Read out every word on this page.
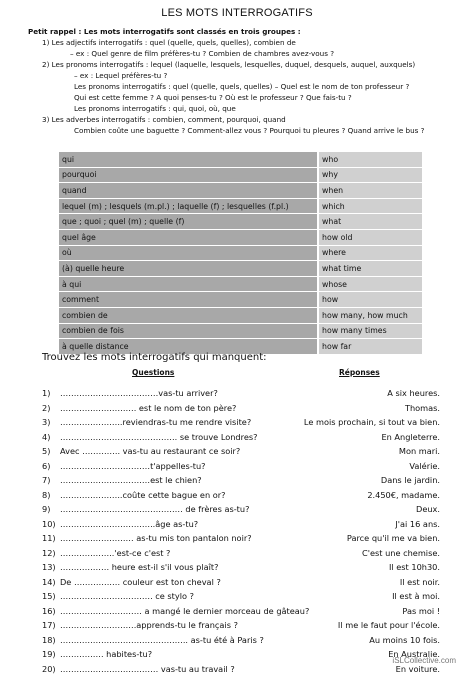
LES MOTS INTERROGATIFS
Petit rappel : Les mots interrogatifs sont classés en trois groupes :
1) Les adjectifs interrogatifs : quel (quelle, quels, quelles), combien de
– ex : Quel genre de film préfères-tu ? Combien de chambres avez-vous ?
2) Les pronoms interrogatifs : lequel (laquelle, lesquels, lesquelles, duquel, desquels, auquel, auxquels)
– ex : Lequel préfères-tu ?
Les pronoms interrogatifs : quel (quelle, quels, quelles) – Quel est le nom de ton professeur ?
Qui est cette femme ? A quoi penses-tu ? Où est le professeur ? Que fais-tu ?
Les pronoms interrogatifs : qui, quoi, où, que
3) Les adverbes interrogatifs : combien, comment, pourquoi, quand
Combien coûte une baguette ? Comment-allez vous ? Pourquoi tu pleures ? Quand arrive le bus ?
qui	who
pourquoi	why
quand	when
lequel (m) ; lesquels (m.pl.) ; laquelle (f) ; lesquelles (f.pl.)	which
que ; quoi ; quel (m) ; quelle (f)	what
quel âge	how old
où	where
(à) quelle heure	what time
à qui	whose
comment	how
combien de	how many, how much
combien de fois	how many times
à quelle distance	how far
Trouvez les mots interrogatifs qui manquent:
Questions	Réponses
1) ………………………………vas-tu arriver?	A six heures.
2) ………………………. est le nom de ton père?	Thomas.
3) …………………..reviendras-tu me rendre visite?	Le mois prochain, si tout va bien.
4) ……………………………………. se trouve Londres?	En Angleterre.
5) Avec ………….. vas-tu au restaurant ce soir?	Mon mari.
6) ……………………………t'appelles-tu?	Valérie.
7) ……………………………est le chien?	Dans le jardin.
8) …………………..coûte cette bague en or?	2.450€, madame.
9) ……………………………………… de frères as-tu?	Deux.
10) ……………………………..âge as-tu?	J'ai 16 ans.
11) ……………………… as-tu mis ton pantalon noir?	Parce qu'il me va bien.
12) ………………..'est-ce c'est ?	C'est une chemise.
13) ……………… heure est-il s'il vous plaît?	Il est 10h30.
14) De ………….…. couleur est ton cheval ?	Il est noir.
15) ……………………………. ce stylo ?	Il est à moi.
16) ………………………… a mangé le dernier morceau de gâteau?	Pas moi !
17) ……………………….apprends-tu le français ?	Il me le faut pour l'école.
18) ……………………………………….. as-tu été à Paris ?	Au moins 10 fois.
19) ……………. habites-tu?	En Australie.
20) ……………………………… vas-tu au travail ?	En voiture.
iSLCollective.com
